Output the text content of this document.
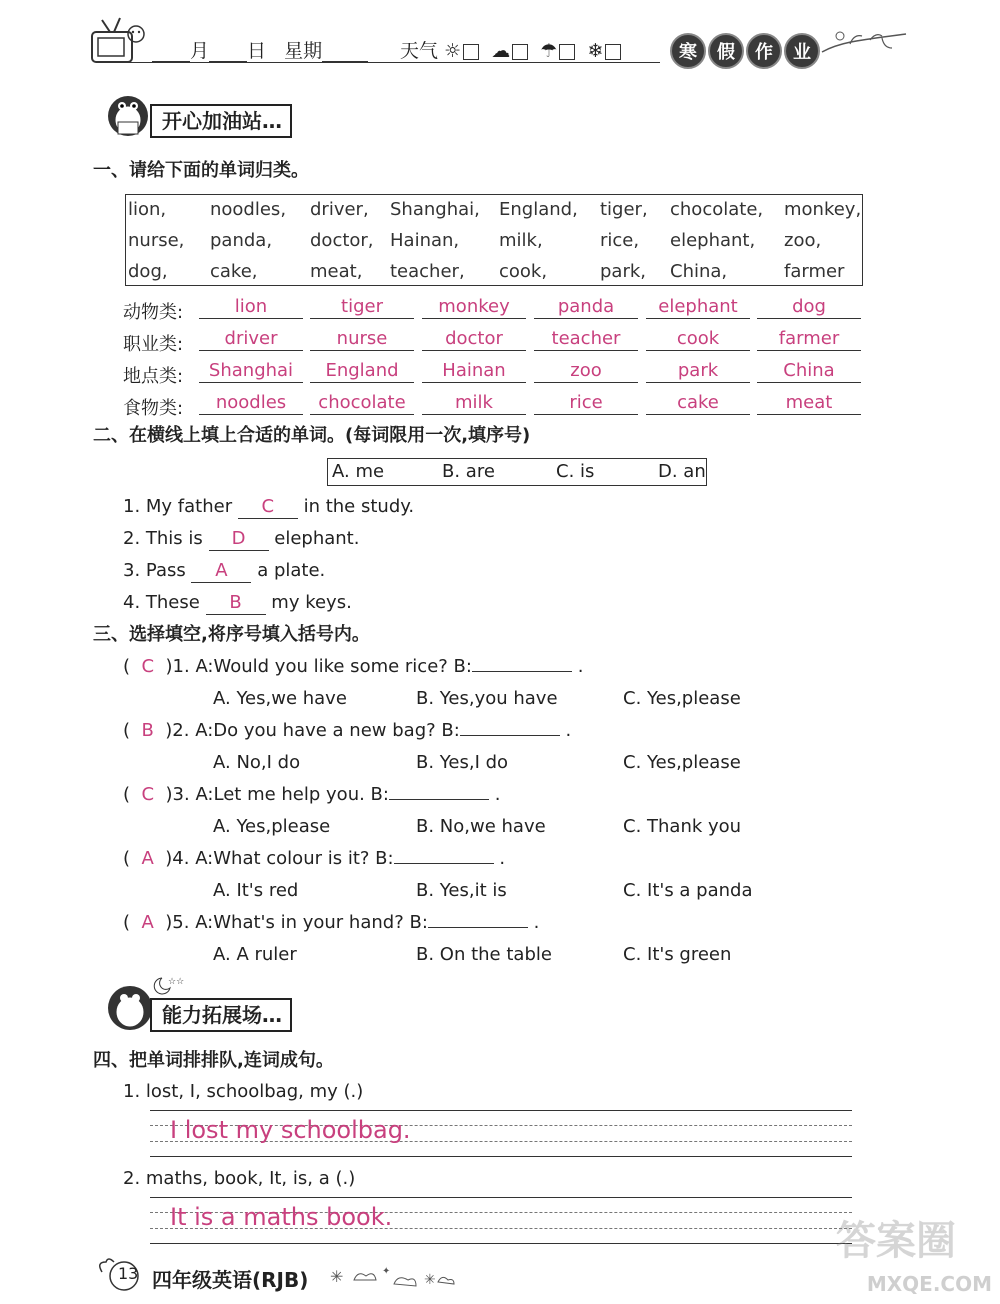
月 日 星期	天气 ☼ ☁ ☂ ❄	寒	假	作	业
开心加油站…
一、请给下面的单词归类。
lion, noodles, driver, Shanghai, England, tiger, chocolate, monkey,
nurse, panda, doctor, Hainan, milk,	rice, elephant, zoo,
dog, cake,	meat, teacher, cook,	park, China,	farmer
动物类:	lion	tiger	monkey	panda	elephant	dog
职业类:	driver	nurse	doctor	teacher	cook	farmer
地点类:	Shanghai	England	Hainan	zoo	park	China
食物类:	noodles	chocolate	milk	rice	cake	meat
二、在横线上填上合适的单词。(每词限用一次,填序号)
A. me	B. are	C. is	D. an
1. My father C in the study.
2. This is D elephant.
3. Pass A a plate.
4. These B my keys.
三、选择填空,将序号填入括号内。
(  C )1. A:Would you like some rice? B:	.
A. Yes,we have	B. Yes,you have	C. Yes,please
(  B )2. A:Do you have a new bag? B:	.
A. No,I do	B. Yes,I do	C. Yes,please
(  C )3. A:Let me help you. B:	.
A. Yes,please	B. No,we have	C. Thank you
(  A )4. A:What colour is it? B:	.
A. It's red	B. Yes,it is	C. It's a panda
(  A )5. A:What's in your hand? B:	.
A. A ruler	B. On the table	C. It's green
☆☆
能力拓展场…
四、把单词排排队,连词成句。
1. lost, I, schoolbag, my (.)
I lost my schoolbag.
2. maths, book, It, is, a (.)
It is a maths book.
13 四年级英语(RJB) ✳	✦
✳
答案圈
MXQE.COM
